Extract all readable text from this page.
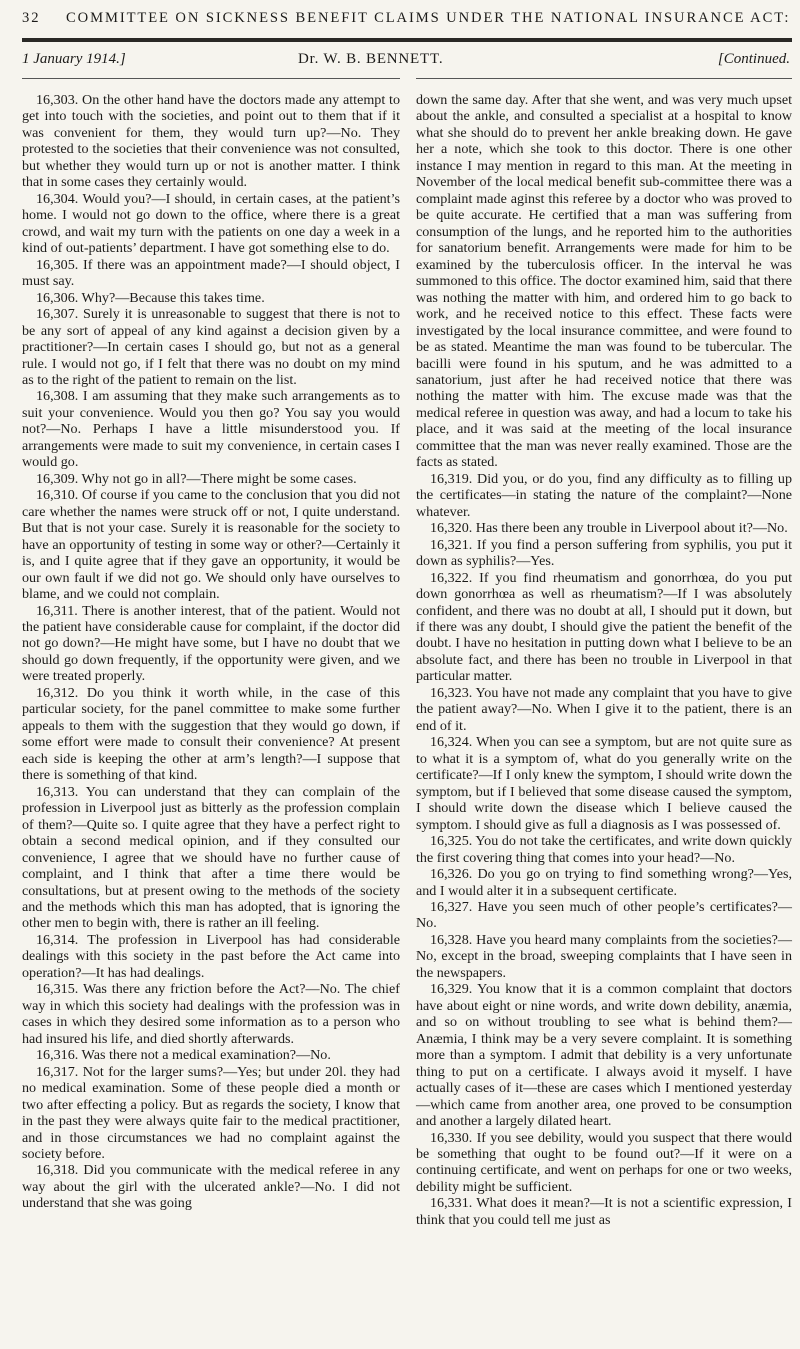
32 COMMITTEE ON SICKNESS BENEFIT CLAIMS UNDER THE NATIONAL INSURANCE ACT:
1 January 1914.]	Dr. W. B. BENNETT.	[Continued.

16,303. On the other hand have the doctors made any attempt to get into touch with the societies, and point out to them that if it was convenient for them, they would turn up?—No. They protested to the societies that their convenience was not consulted, but whether they would turn up or not is another matter. I think that in some cases they certainly would.

16,304. Would you?—I should, in certain cases, at the patient’s home. I would not go down to the office, where there is a great crowd, and wait my turn with the patients on one day a week in a kind of out-patients’ department. I have got something else to do.

16,305. If there was an appointment made?—I should object, I must say.

16,306. Why?—Because this takes time.

16,307. Surely it is unreasonable to suggest that there is not to be any sort of appeal of any kind against a decision given by a practitioner?—In certain cases I should go, but not as a general rule. I would not go, if I felt that there was no doubt on my mind as to the right of the patient to remain on the list.

16,308. I am assuming that they make such arrangements as to suit your convenience. Would you then go? You say you would not?—No. Perhaps I have a little misunderstood you. If arrangements were made to suit my convenience, in certain cases I would go.

16,309. Why not go in all?—There might be some cases.

16,310. Of course if you came to the conclusion that you did not care whether the names were struck off or not, I quite understand. But that is not your case. Surely it is reasonable for the society to have an opportunity of testing in some way or other?—Certainly it is, and I quite agree that if they gave an opportunity, it would be our own fault if we did not go. We should only have ourselves to blame, and we could not complain.

16,311. There is another interest, that of the patient. Would not the patient have considerable cause for complaint, if the doctor did not go down?—He might have some, but I have no doubt that we should go down frequently, if the opportunity were given, and we were treated properly.

16,312. Do you think it worth while, in the case of this particular society, for the panel committee to make some further appeals to them with the suggestion that they would go down, if some effort were made to consult their convenience? At present each side is keeping the other at arm’s length?—I suppose that there is something of that kind.

16,313. You can understand that they can complain of the profession in Liverpool just as bitterly as the profession complain of them?—Quite so. I quite agree that they have a perfect right to obtain a second medical opinion, and if they consulted our convenience, I agree that we should have no further cause of complaint, and I think that after a time there would be consultations, but at present owing to the methods of the society and the methods which this man has adopted, that is ignoring the other men to begin with, there is rather an ill feeling.

16,314. The profession in Liverpool has had considerable dealings with this society in the past before the Act came into operation?—It has had dealings.

16,315. Was there any friction before the Act?—No. The chief way in which this society had dealings with the profession was in cases in which they desired some information as to a person who had insured his life, and died shortly afterwards.

16,316. Was there not a medical examination?—No.

16,317. Not for the larger sums?—Yes; but under 20l. they had no medical examination. Some of these people died a month or two after effecting a policy. But as regards the society, I know that in the past they were always quite fair to the medical practitioner, and in those circumstances we had no complaint against the society before.

16,318. Did you communicate with the medical referee in any way about the girl with the ulcerated ankle?—No. I did not understand that she was going

down the same day. After that she went, and was very much upset about the ankle, and consulted a specialist at a hospital to know what she should do to prevent her ankle breaking down. He gave her a note, which she took to this doctor. There is one other instance I may mention in regard to this man. At the meeting in November of the local medical benefit sub-committee there was a complaint made aginst this referee by a doctor who was proved to be quite accurate. He certified that a man was suffering from consumption of the lungs, and he reported him to the authorities for sanatorium benefit. Arrangements were made for him to be examined by the tuberculosis officer. In the interval he was summoned to this office. The doctor examined him, said that there was nothing the matter with him, and ordered him to go back to work, and he received notice to this effect. These facts were investigated by the local insurance committee, and were found to be as stated. Meantime the man was found to be tubercular. The bacilli were found in his sputum, and he was admitted to a sanatorium, just after he had received notice that there was nothing the matter with him. The excuse made was that the medical referee in question was away, and had a locum to take his place, and it was said at the meeting of the local insurance committee that the man was never really examined. Those are the facts as stated.

16,319. Did you, or do you, find any difficulty as to filling up the certificates—in stating the nature of the complaint?—None whatever.

16,320. Has there been any trouble in Liverpool about it?—No.

16,321. If you find a person suffering from syphilis, you put it down as syphilis?—Yes.

16,322. If you find rheumatism and gonorrhœa, do you put down gonorrhœa as well as rheumatism?—If I was absolutely confident, and there was no doubt at all, I should put it down, but if there was any doubt, I should give the patient the benefit of the doubt. I have no hesitation in putting down what I believe to be an absolute fact, and there has been no trouble in Liverpool in that particular matter.

16,323. You have not made any complaint that you have to give the patient away?—No. When I give it to the patient, there is an end of it.

16,324. When you can see a symptom, but are not quite sure as to what it is a symptom of, what do you generally write on the certificate?—If I only knew the symptom, I should write down the symptom, but if I believed that some disease caused the symptom, I should write down the disease which I believe caused the symptom. I should give as full a diagnosis as I was possessed of.

16,325. You do not take the certificates, and write down quickly the first covering thing that comes into your head?—No.

16,326. Do you go on trying to find something wrong?—Yes, and I would alter it in a subsequent certificate.

16,327. Have you seen much of other people’s certificates?—No.

16,328. Have you heard many complaints from the societies?—No, except in the broad, sweeping complaints that I have seen in the newspapers.

16,329. You know that it is a common complaint that doctors have about eight or nine words, and write down debility, anæmia, and so on without troubling to see what is behind them?—Anæmia, I think may be a very severe complaint. It is something more than a symptom. I admit that debility is a very unfortunate thing to put on a certificate. I always avoid it myself. I have actually cases of it—these are cases which I mentioned yesterday—which came from another area, one proved to be consumption and another a largely dilated heart.

16,330. If you see debility, would you suspect that there would be something that ought to be found out?—If it were on a continuing certificate, and went on perhaps for one or two weeks, debility might be sufficient.

16,331. What does it mean?—It is not a scientific expression, I think that you could tell me just as
